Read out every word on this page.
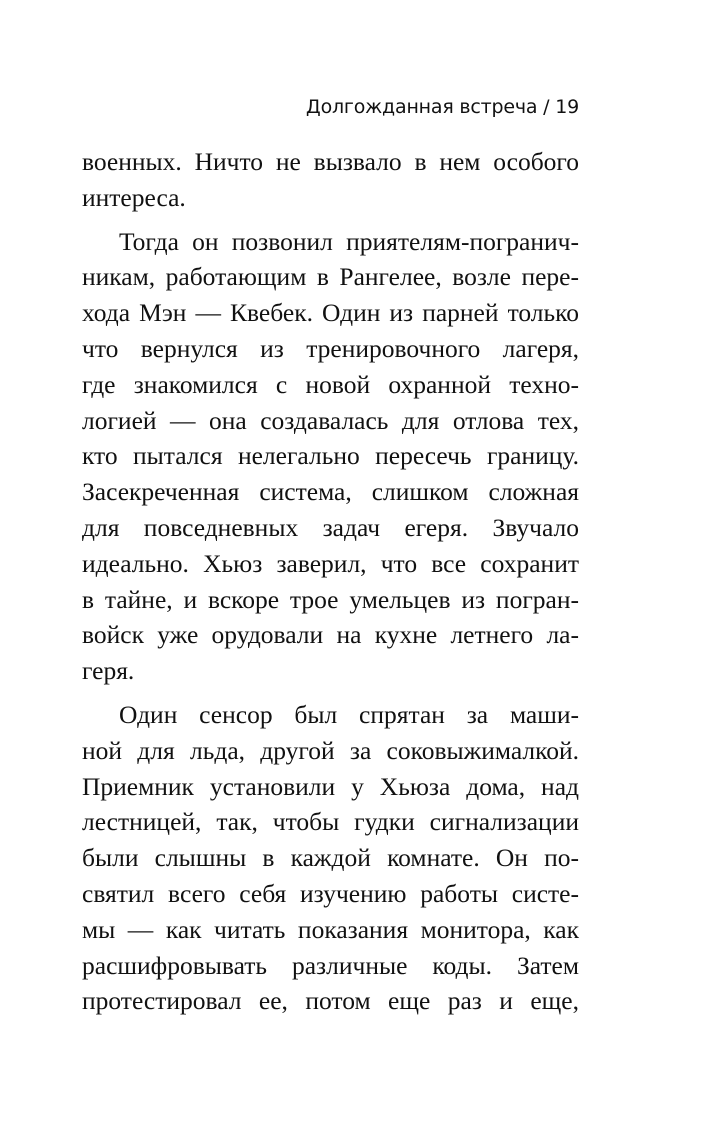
Долгожданная встреча / 19
военных. Ничто не вызвало в нем особого
интереса.
Тогда он позвонил приятелям-погранич-
никам, работающим в Рангелее, возле пере-
хода Мэн — Квебек. Один из парней только
что вернулся из тренировочного лагеря,
где знакомился с новой охранной техно-
логией — она создавалась для отлова тех,
кто пытался нелегально пересечь границу.
Засекреченная система, слишком сложная
для повседневных задач егеря. Звучало
идеально. Хьюз заверил, что все сохранит
в тайне, и вскоре трое умельцев из погран-
войск уже орудовали на кухне летнего ла-
геря.
Один сенсор был спрятан за маши-
ной для льда, другой за соковыжималкой.
Приемник установили у Хьюза дома, над
лестницей, так, чтобы гудки сигнализации
были слышны в каждой комнате. Он по-
святил всего себя изучению работы систе-
мы — как читать показания монитора, как
расшифровывать различные коды. Затем
протестировал ее, потом еще раз и еще,
